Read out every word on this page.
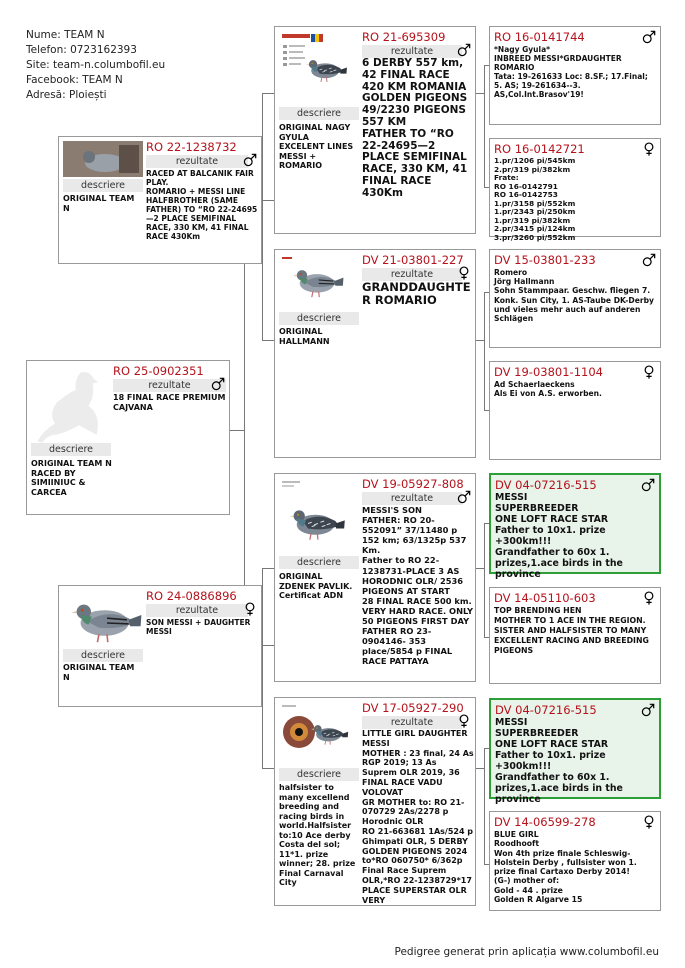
Nume: TEAM N
Telefon: 0723162393
Site: team-n.columbofil.eu
Facebook: TEAM N
Adresă: Ploiești
RO 25-0902351
rezultate
18 FINAL RACE PREMIUM CAJVANA
descriere
ORIGINAL TEAM N
RACED BY SIMIINIUC & CARCEA
RO 22-1238732
rezultate
RACED AT BALCANIK FAIR PLAY.
ROMARIO + MESSI LINE
HALFBROTHER (SAME FATHER) TO “RO 22-24695—2 PLACE SEMIFINAL RACE, 330 KM, 41 FINAL RACE 430Km
descriere
ORIGINAL TEAM N
RO 24-0886896
rezultate
SON MESSI + DAUGHTER MESSI
descriere
ORIGINAL TEAM N
RO 21-695309
rezultate
6 DERBY 557 km, 42 FINAL RACE 420 KM ROMANIA GOLDEN PIGEONS 49/2230 PIGEONS 557 KM
FATHER TO “RO 22-24695—2 PLACE SEMIFINAL RACE, 330 KM, 41 FINAL RACE 430Km
descriere
ORIGINAL NAGY GYULA
EXCELENT LINES MESSI + ROMARIO
DV 21-03801-227
rezultate
GRANDDAUGHTER ROMARIO
descriere
ORIGINAL HALLMANN
DV 19-05927-808
rezultate
MESSI'S SON
FATHER: RO 20-552091” 37/11480 p 152 km; 63/1325p 537 Km.
Father to RO 22-1238731-PLACE 3 AS HORODNIC OLR/ 2536 PIGEONS AT START
28 FINAL RACE 500 km. VERY HARD RACE. ONLY 50 PIGEONS FIRST DAY
FATHER RO 23-0904146- 353 place/5854 p FINAL RACE PATTAYA
descriere
ORIGINAL ZDENEK PAVLIK. Certificat ADN
DV 17-05927-290
rezultate
LITTLE GIRL DAUGHTER MESSI
MOTHER : 23 final, 24 As RGP 2019; 13 As Suprem OLR 2019, 36 FINAL RACE VADU VOLOVAT
GR MOTHER to: RO 21-070729 2As/2278 p Horodnic OLR
RO 21-663681 1As/524 p Ghimpati OLR, 5 DERBY GOLDEN PIGEONS 2024
to*RO 060750* 6/362p Final Race Suprem OLR,*RO 22-1238729*17 PLACE SUPERSTAR OLR VERY
descriere
halfsister to many excellend breeding and racing birds in world.Halfsister to:10 Ace derby Costa del sol; 11*1. prize winner; 28. prize Final Carnaval City
RO 16-0141744
*Nagy Gyula*
INBREED MESSI*GRDAUGHTER ROMARIO
Tata: 19-261633 Loc: 8.SF.; 17.Final; 5. AS; 19-261634--3. AS,Col.Int.Brasov'19!
RO 16-0142721
1.pr/1206 pi/545km
2.pr/319 pi/382km
Frate:
RO 16-0142791
RO 16-0142753
1.pr/3158 pi/552km
1.pr/2343 pi/250km
1.pr/319 pi/382km
2.pr/3415 pi/124km
3.pr/3260 pi/552km
DV 15-03801-233
Romero
Jörg Hallmann
Sohn Stammpaar. Geschw. fliegen 7. Konk. Sun City, 1. AS-Taube DK-Derby und vieles mehr auch auf anderen Schlägen
DV 19-03801-1104
Ad Schaerlaeckens
Als Ei von A.S. erworben.
DV 04-07216-515
MESSI
SUPERBREEDER
ONE LOFT RACE STAR
Father to 10x1. prize +300km!!!
Grandfather to 60x 1. prizes,1.ace birds in the province
DV 14-05110-603
TOP BRENDING HEN
MOTHER TO 1 ACE IN THE REGION. SISTER AND HALFSISTER TO MANY EXCELLENT RACING AND BREEDING PIGEONS
DV 04-07216-515
MESSI
SUPERBREEDER
ONE LOFT RACE STAR
Father to 10x1. prize +300km!!!
Grandfather to 60x 1. prizes,1.ace birds in the province
DV 14-06599-278
BLUE GIRL
Roodhooft
Won 4th prize finale Schleswig-Holstein Derby , fullsister won 1. prize final Cartaxo Derby 2014!
(G-) mother of:
Gold - 44 . prize
Golden R Algarve 15
Pedigree generat prin aplicația www.columbofil.eu
